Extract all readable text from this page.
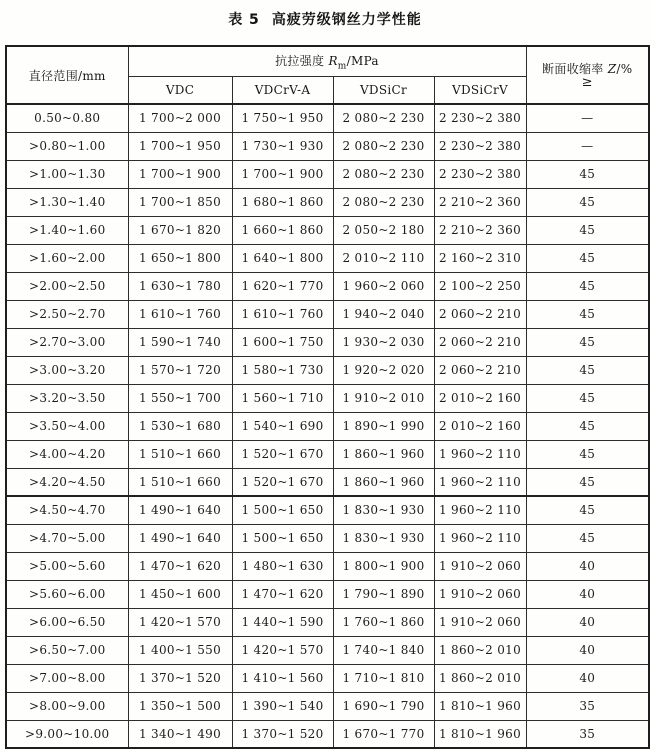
表 5 高疲劳级钢丝力学性能
直径范围/mm	抗拉强度 $R_m$/MPa				断面收缩率 Z/%
≥

	VDC	VDCrV-A	VDSiCr	VDSiCrV	
0.50~0.80	1 700~2 000	1 750~1 950	2 080~2 230	2 230~2 380	—
>0.80~1.00	1 700~1 950	1 730~1 930	2 080~2 230	2 230~2 380	—
>1.00~1.30	1 700~1 900	1 700~1 900	2 080~2 230	2 230~2 380	45
>1.30~1.40	1 700~1 850	1 680~1 860	2 080~2 230	2 210~2 360	45
>1.40~1.60	1 670~1 820	1 660~1 860	2 050~2 180	2 210~2 360	45
>1.60~2.00	1 650~1 800	1 640~1 800	2 010~2 110	2 160~2 310	45
>2.00~2.50	1 630~1 780	1 620~1 770	1 960~2 060	2 100~2 250	45
>2.50~2.70	1 610~1 760	1 610~1 760	1 940~2 040	2 060~2 210	45
>2.70~3.00	1 590~1 740	1 600~1 750	1 930~2 030	2 060~2 210	45
>3.00~3.20	1 570~1 720	1 580~1 730	1 920~2 020	2 060~2 210	45
>3.20~3.50	1 550~1 700	1 560~1 710	1 910~2 010	2 010~2 160	45
>3.50~4.00	1 530~1 680	1 540~1 690	1 890~1 990	2 010~2 160	45
>4.00~4.20	1 510~1 660	1 520~1 670	1 860~1 960	1 960~2 110	45
>4.20~4.50	1 510~1 660	1 520~1 670	1 860~1 960	1 960~2 110	45
>4.50~4.70	1 490~1 640	1 500~1 650	1 830~1 930	1 960~2 110	45
>4.70~5.00	1 490~1 640	1 500~1 650	1 830~1 930	1 960~2 110	45
>5.00~5.60	1 470~1 620	1 480~1 630	1 800~1 900	1 910~2 060	40
>5.60~6.00	1 450~1 600	1 470~1 620	1 790~1 890	1 910~2 060	40
>6.00~6.50	1 420~1 570	1 440~1 590	1 760~1 860	1 910~2 060	40
>6.50~7.00	1 400~1 550	1 420~1 570	1 740~1 840	1 860~2 010	40
>7.00~8.00	1 370~1 520	1 410~1 560	1 710~1 810	1 860~2 010	40
>8.00~9.00	1 350~1 500	1 390~1 540	1 690~1 790	1 810~1 960	35
>9.00~10.00	1 340~1 490	1 370~1 520	1 670~1 770	1 810~1 960	35
